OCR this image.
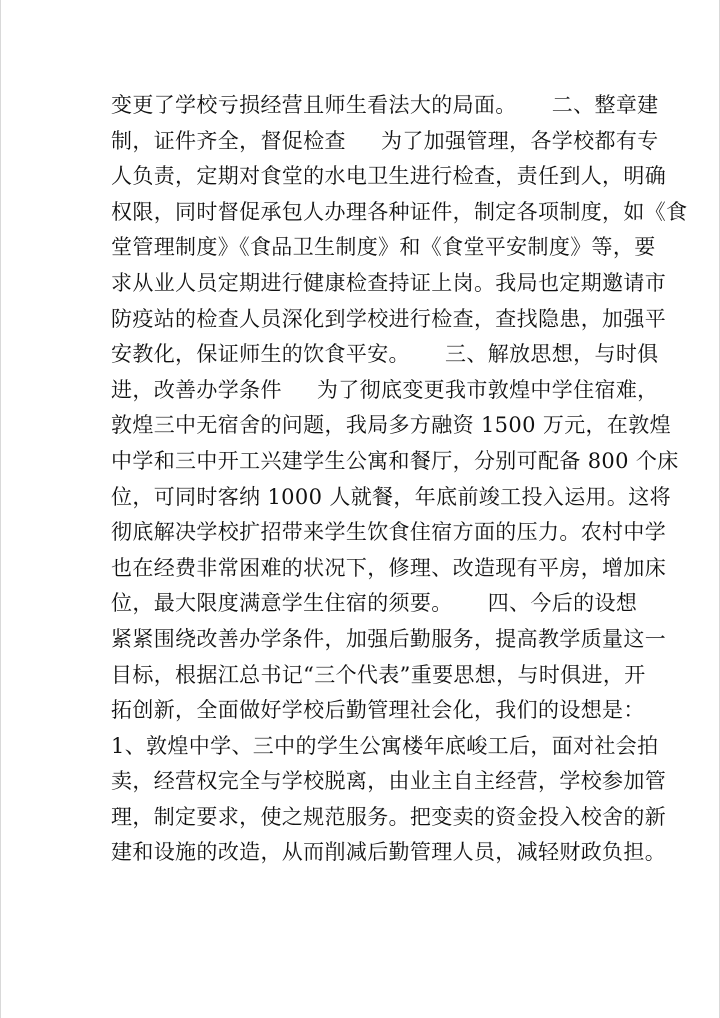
变更了学校亏损经营且师生看法大的局面。     二、整章建
制，证件齐全，督促检查     为了加强管理，各学校都有专
人负责，定期对食堂的水电卫生进行检查，责任到人，明确
权限，同时督促承包人办理各种证件，制定各项制度，如《食
堂管理制度》《食品卫生制度》和《食堂平安制度》等，要
求从业人员定期进行健康检查持证上岗。我局也定期邀请市
防疫站的检查人员深化到学校进行检查，查找隐患，加强平
安教化，保证师生的饮食平安。     三、解放思想，与时俱
进，改善办学条件     为了彻底变更我市敦煌中学住宿难，
敦煌三中无宿舍的问题，我局多方融资 1500 万元，在敦煌
中学和三中开工兴建学生公寓和餐厅，分别可配备 800 个床
位，可同时客纳 1000 人就餐，年底前竣工投入运用。这将
彻底解决学校扩招带来学生饮食住宿方面的压力。农村中学
也在经费非常困难的状况下，修理、改造现有平房，增加床
位，最大限度满意学生住宿的须要。     四、今后的设想
紧紧围绕改善办学条件，加强后勤服务，提高教学质量这一
目标，根据江总书记“三个代表”重要思想，与时俱进，开
拓创新，全面做好学校后勤管理社会化，我们的设想是：
1、敦煌中学、三中的学生公寓楼年底峻工后，面对社会拍
卖，经营权完全与学校脱离，由业主自主经营，学校参加管
理，制定要求，使之规范服务。把变卖的资金投入校舍的新
建和设施的改造，从而削减后勤管理人员，减轻财政负担。
